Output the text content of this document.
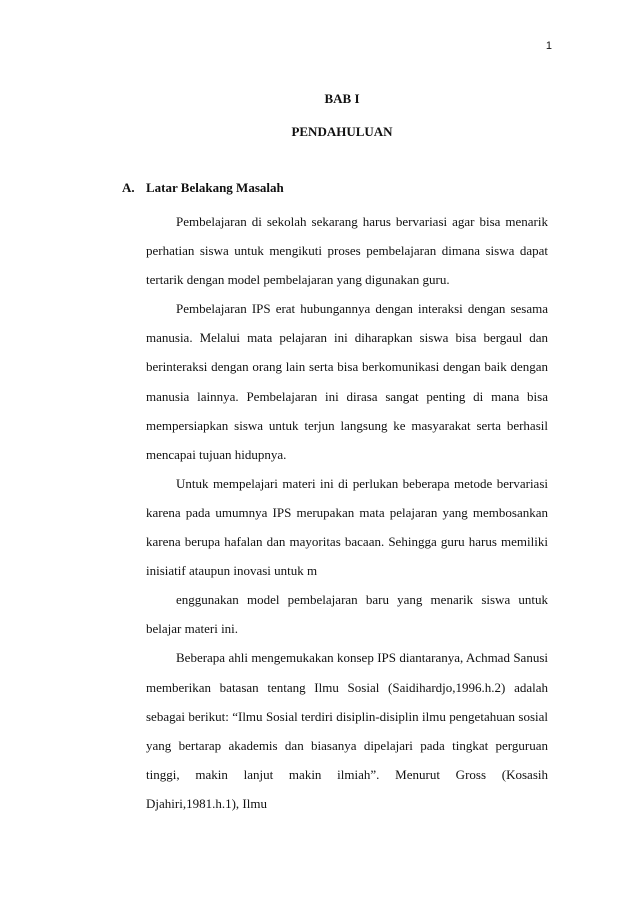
1
BAB I
PENDAHULUAN
A. Latar Belakang Masalah

Pembelajaran di sekolah sekarang harus bervariasi agar bisa menarik perhatian siswa untuk mengikuti proses pembelajaran dimana siswa dapat tertarik dengan model pembelajaran yang digunakan guru.

Pembelajaran IPS erat hubungannya dengan interaksi dengan sesama manusia. Melalui mata pelajaran ini diharapkan siswa bisa bergaul dan berinteraksi dengan orang lain serta bisa berkomunikasi dengan baik dengan manusia lainnya. Pembelajaran ini dirasa sangat penting di mana bisa mempersiapkan siswa untuk terjun langsung ke masyarakat serta berhasil mencapai tujuan hidupnya.

Untuk mempelajari materi ini di perlukan beberapa metode bervariasi karena pada umumnya IPS merupakan mata pelajaran yang membosankan karena berupa hafalan dan mayoritas bacaan. Sehingga guru harus memiliki inisiatif ataupun inovasi untuk m

enggunakan model pembelajaran baru yang menarik siswa untuk belajar materi ini.

Beberapa ahli mengemukakan konsep IPS diantaranya, Achmad Sanusi memberikan batasan tentang Ilmu Sosial (Saidihardjo,1996.h.2) adalah sebagai berikut: “Ilmu Sosial terdiri disiplin-disiplin ilmu pengetahuan sosial yang bertarap akademis dan biasanya dipelajari pada tingkat perguruan tinggi, makin lanjut makin ilmiah”. Menurut Gross (Kosasih Djahiri,1981.h.1), Ilmu
